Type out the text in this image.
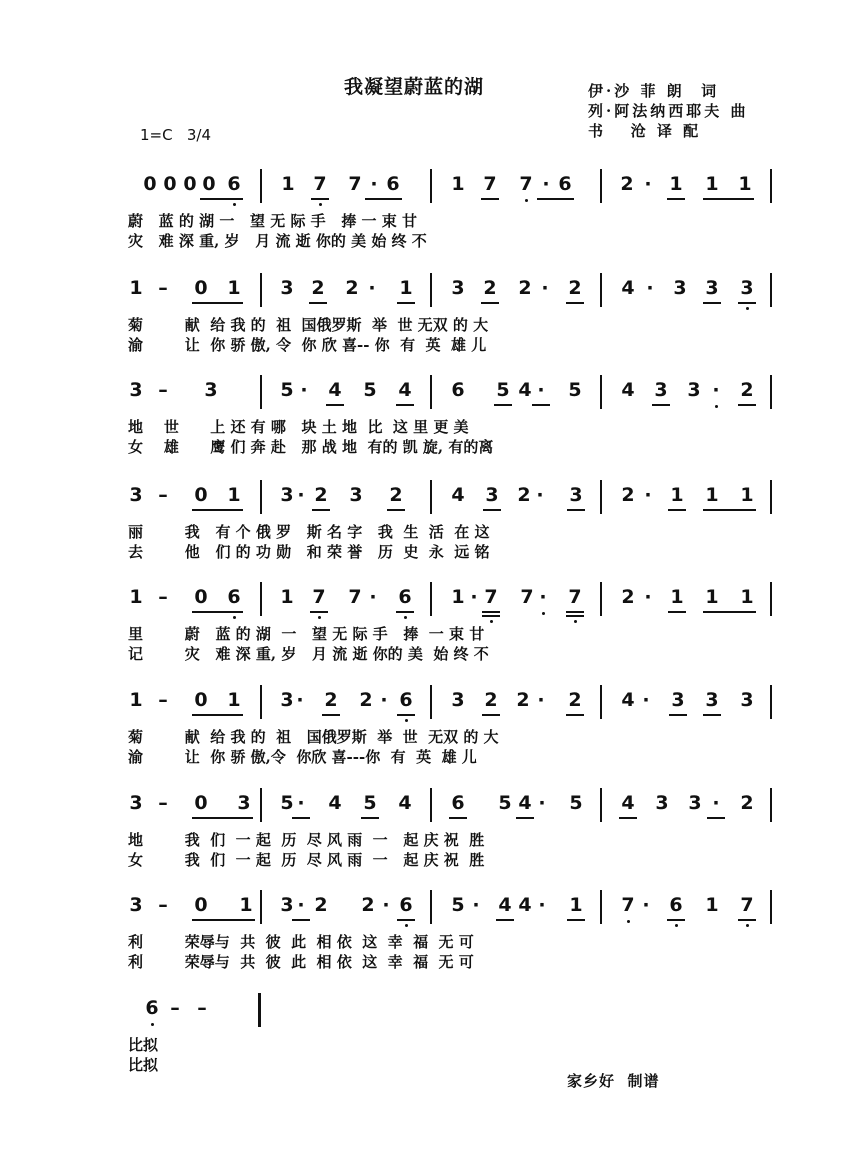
我凝望蔚蓝的湖	伊·沙 菲 朗  词
列·阿法纳西耶夫 曲
书   沧 译 配
1=C   3/4
0 0 0 0 6 1 7 7 · 6	1 7 7 · 6	2 · 1 1 1
蔚   蓝 的 湖 一   望 无 际 手   捧 一 束 甘
灾   难 深 重, 岁   月 流 逝 你的 美 始 终 不
1 –	0 1 3 2 2 ·	1 3 2 2 ·	2 4 ·	3 3 3
菊        献  给 我 的  祖  国俄罗斯  举  世 无双 的 大
渝        让  你 骄 傲, 令  你 欣 喜-- 你  有  英  雄 儿
3 –	3	5 ·	4 5 4 6 5 4 ·	5 4 3 3 ·	2
地    世      上 还 有 哪   块 土 地  比  这 里 更 美
女    雄      鹰 们 奔 赴   那 战 地  有的 凯 旋, 有的离
3 –	0 1 3 · 2 3 2	4 3 2 ·	3 2 · 1 1 1
丽        我   有 个 俄 罗   斯 名 字   我  生  活  在 这
去        他   们 的 功 勋   和 荣 誉   历  史  永  远 铭
1 –	0 6 1 7 7 ·	6 1 · 7 7 ·	7 2 · 1 1 1
里        蔚   蓝 的 湖  一   望 无 际 手   捧  一 束 甘
记        灾   难 深 重, 岁   月 流 逝 你的 美  始 终 不
1 –	0 1 3 ·	2 2 · 6 3 2 2 ·	2 4 ·	3 3 3
菊        献  给 我 的  祖   国俄罗斯  举  世  无双 的 大
渝        让  你 骄 傲,令  你欣 喜---你  有  英  雄 儿
3 –	0 3 5 ·	4 5 4 6 5 4 ·	5 4 3 3 ·	2
地        我  们  一 起  历  尽 风 雨  一   起 庆 祝  胜
女        我  们  一 起  历  尽 风 雨  一   起 庆 祝  胜
3 –	0 1 3 · 2 2 · 6 5 · 4 4 ·	1 7 ·	6 1 7
利        荣辱与  共  彼  此  相 依  这  幸  福  无 可
利        荣辱与  共  彼  此  相 依  这  幸  福  无 可
6 – –
比拟
比拟
家乡好  制谱
